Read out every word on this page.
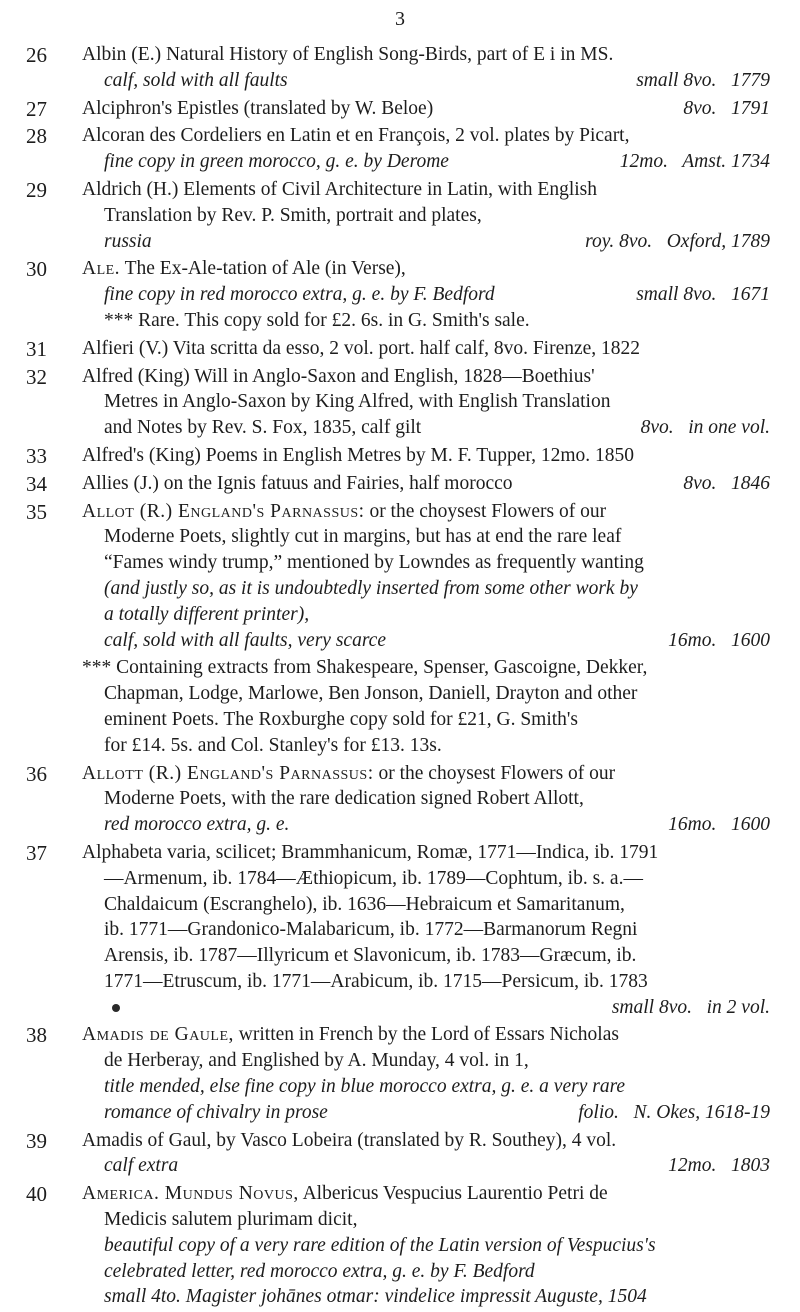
3
26	Albin (E.) Natural History of English Song-Birds, part of E i in MS.
calf, sold with all faults	small 8vo.   1779
27	Alciphron's Epistles (translated by W. Beloe)	8vo.   1791
28	Alcoran des Cordeliers en Latin et en François, 2 vol. plates by Picart,
fine copy in green morocco, g. e. by Derome	12mo.   Amst. 1734
29	Aldrich (H.) Elements of Civil Architecture in Latin, with English
Translation by Rev. P. Smith, portrait and plates,
russia	roy. 8vo.   Oxford, 1789
30	Ale. The Ex-Ale-tation of Ale (in Verse),
fine copy in red morocco extra, g. e. by F. Bedford	small 8vo.   1671
*** Rare. This copy sold for £2. 6s. in G. Smith's sale.
31	Alfieri (V.) Vita scritta da esso, 2 vol. port. half calf, 8vo. Firenze, 1822
32	Alfred (King) Will in Anglo-Saxon and English, 1828—Boethius'
Metres in Anglo-Saxon by King Alfred, with English Translation
and Notes by Rev. S. Fox, 1835, calf gilt	8vo.   in one vol.
33	Alfred's (King) Poems in English Metres by M. F. Tupper, 12mo. 1850
34	Allies (J.) on the Ignis fatuus and Fairies, half morocco	8vo.   1846
35	Allot (R.) England's Parnassus: or the choysest Flowers of our
Moderne Poets, slightly cut in margins, but has at end the rare leaf
“Fames windy trump,” mentioned by Lowndes as frequently wanting
(and justly so, as it is undoubtedly inserted from some other work by
a totally different printer),
calf, sold with all faults, very scarce	16mo.   1600
*** Containing extracts from Shakespeare, Spenser, Gascoigne, Dekker,
Chapman, Lodge, Marlowe, Ben Jonson, Daniell, Drayton and other
eminent Poets. The Roxburghe copy sold for £21, G. Smith's
for £14. 5s. and Col. Stanley's for £13. 13s.
36	Allott (R.) England's Parnassus: or the choysest Flowers of our
Moderne Poets, with the rare dedication signed Robert Allott,
red morocco extra, g. e.	16mo.   1600
37	Alphabeta varia, scilicet; Brammhanicum, Romæ, 1771—Indica, ib. 1791
—Armenum, ib. 1784—Æthiopicum, ib. 1789—Cophtum, ib. s. a.—
Chaldaicum (Escranghelo), ib. 1636—Hebraicum et Samaritanum,
ib. 1771—Grandonico-Malabaricum, ib. 1772—Barmanorum Regni
Arensis, ib. 1787—Illyricum et Slavonicum, ib. 1783—Græcum, ib.
1771—Etruscum, ib. 1771—Arabicum, ib. 1715—Persicum, ib. 1783
small 8vo.   in 2 vol.
38	Amadis de Gaule, written in French by the Lord of Essars Nicholas
de Herberay, and Englished by A. Munday, 4 vol. in 1,
title mended, else fine copy in blue morocco extra, g. e. a very rare
romance of chivalry in prose	folio.   N. Okes, 1618-19
39	Amadis of Gaul, by Vasco Lobeira (translated by R. Southey), 4 vol.
calf extra	12mo.   1803
40	America. Mundus Novus, Albericus Vespucius Laurentio Petri de
Medicis salutem plurimam dicit,
beautiful copy of a very rare edition of the Latin version of Vespucius's
celebrated letter, red morocco extra, g. e. by F. Bedford
small 4to. Magister johānes otmar: vindelice impressit Auguste, 1504
